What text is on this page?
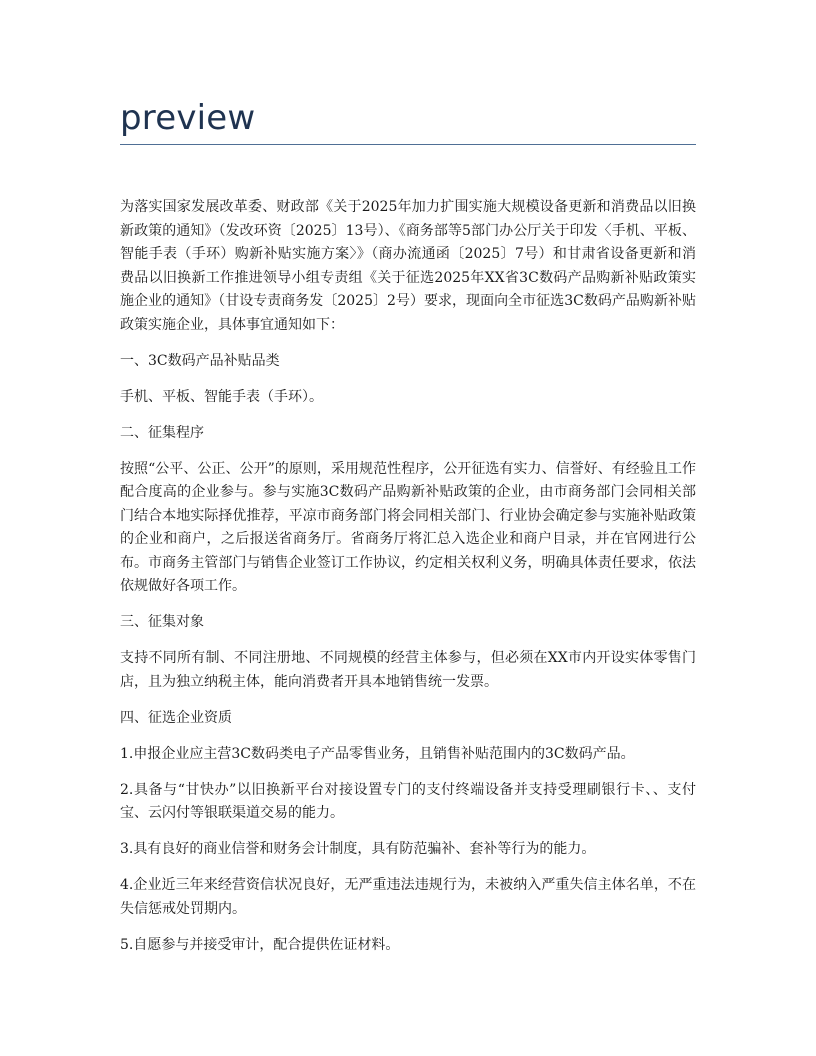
preview

为落实国家发展改革委、财政部《关于2025年加力扩围实施大规模设备更新和消费品以旧换新政策的通知》（发改环资〔2025〕13号）、《商务部等5部门办公厅关于印发〈手机、平板、智能手表（手环）购新补贴实施方案〉》（商办流通函〔2025〕7号）和甘肃省设备更新和消费品以旧换新工作推进领导小组专责组《关于征选2025年XX省3C数码产品购新补贴政策实施企业的通知》（甘设专责商务发〔2025〕2号）要求，现面向全市征选3C数码产品购新补贴政策实施企业，具体事宜通知如下：

一、3C数码产品补贴品类

手机、平板、智能手表（手环）。

二、征集程序

按照“公平、公正、公开”的原则，采用规范性程序，公开征选有实力、信誉好、有经验且工作配合度高的企业参与。参与实施3C数码产品购新补贴政策的企业，由市商务部门会同相关部门结合本地实际择优推荐，平凉市商务部门将会同相关部门、行业协会确定参与实施补贴政策的企业和商户，之后报送省商务厅。省商务厅将汇总入选企业和商户目录，并在官网进行公布。市商务主管部门与销售企业签订工作协议，约定相关权利义务，明确具体责任要求，依法依规做好各项工作。

三、征集对象

支持不同所有制、不同注册地、不同规模的经营主体参与，但必须在XX市内开设实体零售门店，且为独立纳税主体，能向消费者开具本地销售统一发票。

四、征选企业资质

1.申报企业应主营3C数码类电子产品零售业务，且销售补贴范围内的3C数码产品。

2.具备与“甘快办”以旧换新平台对接设置专门的支付终端设备并支持受理刷银行卡、、支付宝、云闪付等银联渠道交易的能力。

3.具有良好的商业信誉和财务会计制度，具有防范骗补、套补等行为的能力。

4.企业近三年来经营资信状况良好，无严重违法违规行为，未被纳入严重失信主体名单，不在失信惩戒处罚期内。

5.自愿参与并接受审计，配合提供佐证材料。
